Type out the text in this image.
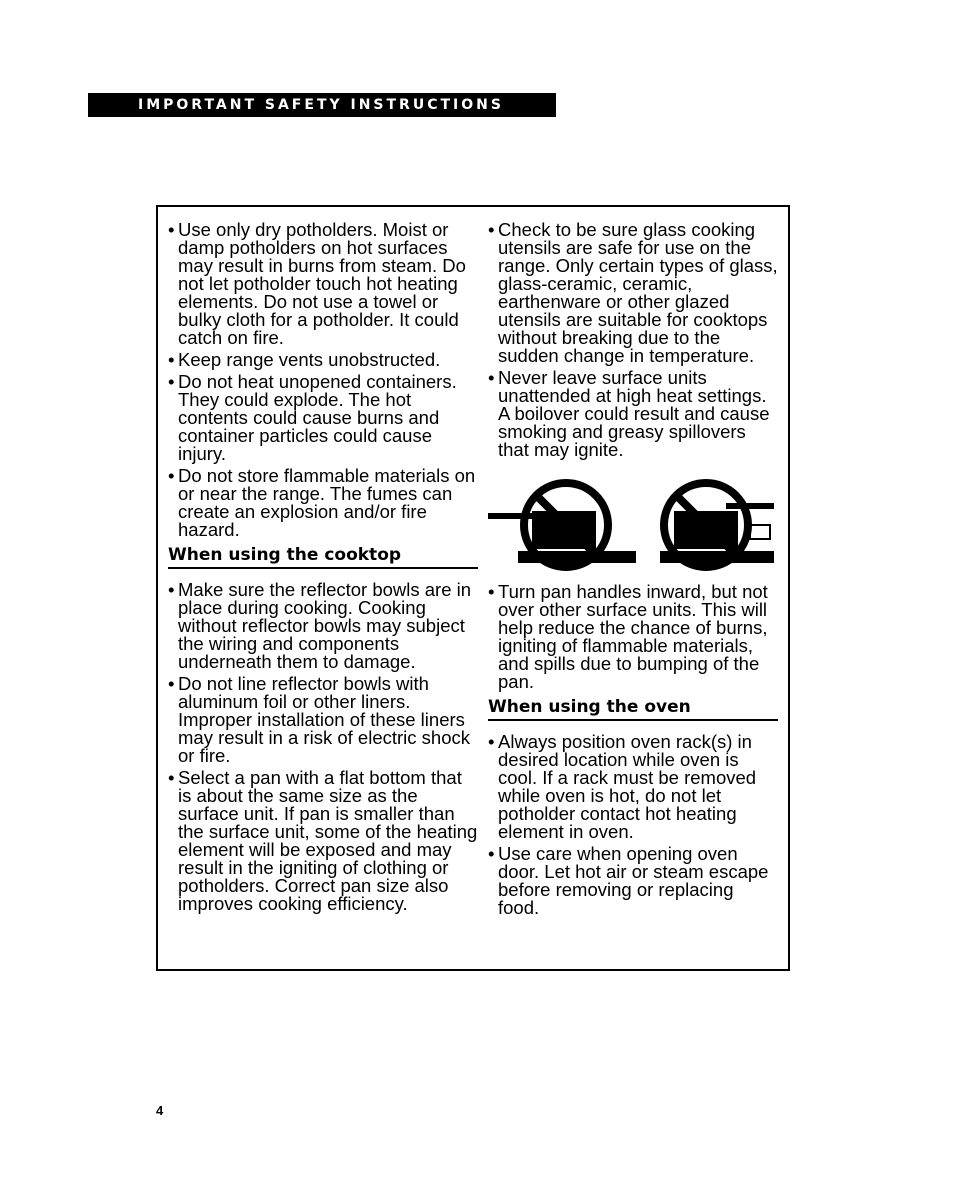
IMPORTANT SAFETY INSTRUCTIONS
• Use only dry potholders. Moist or damp potholders on hot surfaces may result in burns from steam. Do not let potholder touch hot heating elements. Do not use a towel or bulky cloth for a potholder. It could catch on fire.
• Keep range vents unobstructed.
• Do not heat unopened containers. They could explode. The hot contents could cause burns and container particles could cause injury.
• Do not store flammable materials on or near the range. The fumes can create an explosion and/or fire hazard.
When using the cooktop
• Make sure the reflector bowls are in place during cooking. Cooking without reflector bowls may subject the wiring and components underneath them to damage.
• Do not line reflector bowls with aluminum foil or other liners. Improper installation of these liners may result in a risk of electric shock or fire.
• Select a pan with a flat bottom that is about the same size as the surface unit. If pan is smaller than the surface unit, some of the heating element will be exposed and may result in the igniting of clothing or potholders. Correct pan size also improves cooking efficiency.
• Check to be sure glass cooking utensils are safe for use on the range. Only certain types of glass, glass-ceramic, ceramic, earthenware or other glazed utensils are suitable for cooktops without breaking due to the sudden change in temperature.
• Never leave surface units unattended at high heat settings. A boilover could result and cause smoking and greasy spillovers that may ignite.
• Turn pan handles inward, but not over other surface units. This will help reduce the chance of burns, igniting of flammable materials, and spills due to bumping of the pan.
When using the oven
• Always position oven rack(s) in desired location while oven is cool. If a rack must be removed while oven is hot, do not let potholder contact hot heating element in oven.
• Use care when opening oven door. Let hot air or steam escape before removing or replacing food.
4
